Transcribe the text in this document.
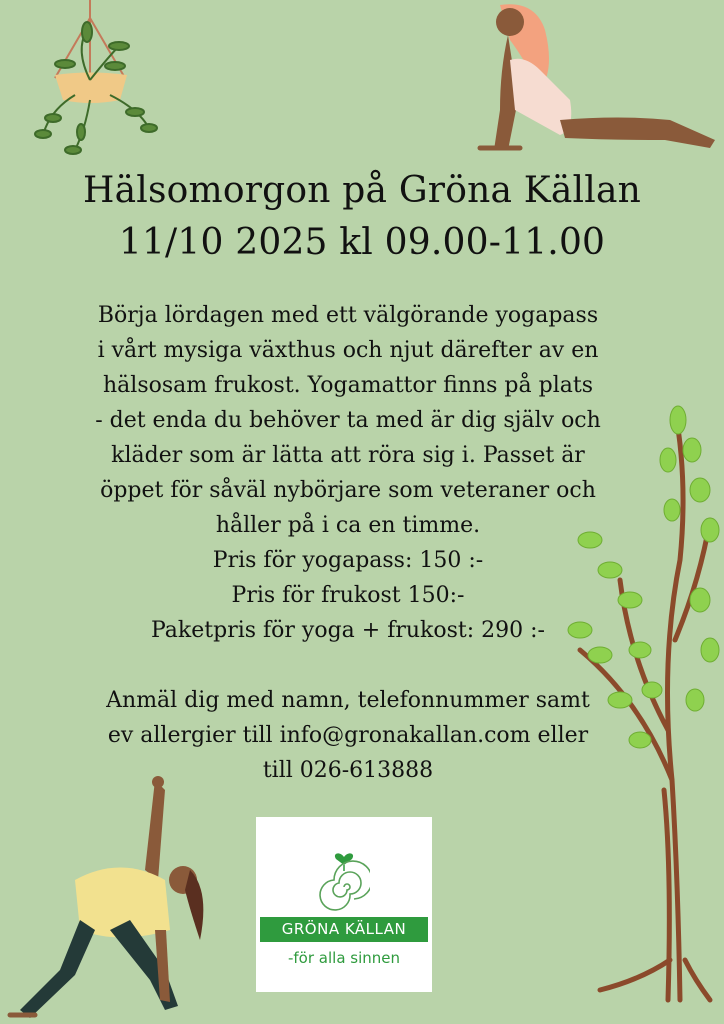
Hälsomorgon på Gröna Källan
11/10 2025 kl 09.00-11.00
Börja lördagen med ett välgörande yogapass
i vårt mysiga växthus och njut därefter av en
hälsosam frukost. Yogamattor finns på plats
- det enda du behöver ta med är dig själv och
kläder som är lätta att röra sig i. Passet är
öppet för såväl nybörjare som veteraner och
håller på i ca en timme.
Pris för yogapass: 150 :-
Pris för frukost 150:-
Paketpris för yoga + frukost: 290 :-
Anmäl dig med namn, telefonnummer samt
ev allergier till info@gronakallan.com eller
till 026-613888
GRÖNA KÄLLAN
-för alla sinnen
